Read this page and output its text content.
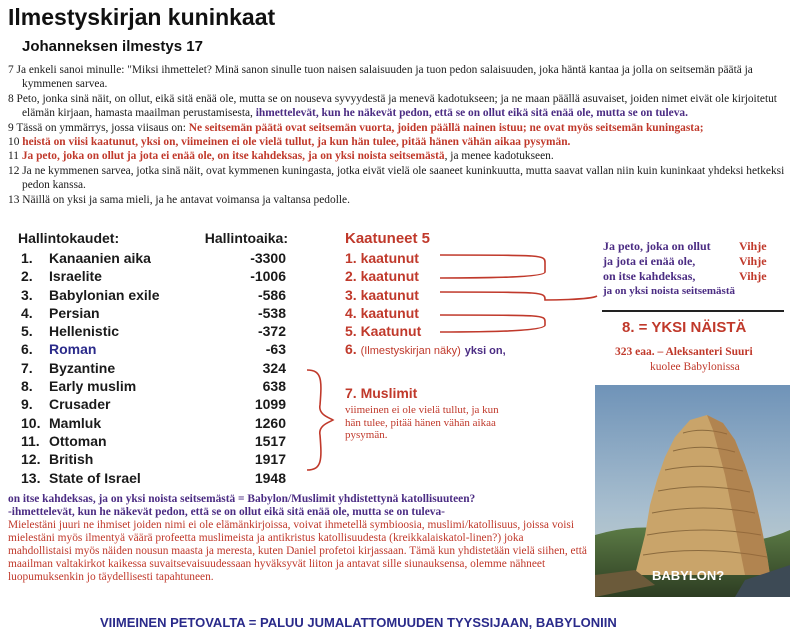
Ilmestyskirjan kuninkaat
Johanneksen ilmestys 17

7 Ja enkeli sanoi minulle: "Miksi ihmettelet? Minä sanon sinulle tuon naisen salaisuuden ja tuon pedon salaisuuden, joka häntä kantaa ja jolla on seitsemän päätä ja kymmenen sarvea.

8 Peto, jonka sinä näit, on ollut, eikä sitä enää ole, mutta se on nouseva syvyydestä ja menevä kadotukseen; ja ne maan päällä asuvaiset, joiden nimet eivät ole kirjoitetut elämän kirjaan, hamasta maailman perustamisesta, ihmettelevät, kun he näkevät pedon, että se on ollut eikä sitä enää ole, mutta se on tuleva.

9 Tässä on ymmärrys, jossa viisaus on: Ne seitsemän päätä ovat seitsemän vuorta, joiden päällä nainen istuu; ne ovat myös seitsemän kuningasta;

10 heistä on viisi kaatunut, yksi on, viimeinen ei ole vielä tullut, ja kun hän tulee, pitää hänen vähän aikaa pysymän.

11 Ja peto, joka on ollut ja jota ei enää ole, on itse kahdeksas, ja on yksi noista seitsemästä, ja menee kadotukseen.

12 Ja ne kymmenen sarvea, jotka sinä näit, ovat kymmenen kuningasta, jotka eivät vielä ole saaneet kuninkuutta, mutta saavat vallan niin kuin kuninkaat yhdeksi hetkeksi pedon kanssa.

13 Näillä on yksi ja sama mieli, ja he antavat voimansa ja valtansa pedolle.

Hallintokaudet:	Hallintoaika:
1. Kanaanien aika	-3300
2. Israelite	-1006
3. Babylonian exile	-586
4. Persian	-538
5. Hellenistic	-372
6. Roman	-63
7. Byzantine	324
8. Early muslim	638
9. Crusader	1099
10. Mamluk	1260
11. Ottoman	1517
12. British	1917
13. State of Israel	1948
Kaatuneet 5
1. kaatunut
2. kaatunut
3. kaatunut
4. kaatunut
5. Kaatunut
6. (Ilmestyskirjan näky) yksi on,
7. Muslimit
viimeinen ei ole vielä tullut, ja kun hän tulee, pitää hänen vähän aikaa pysymän.
Ja peto, joka on ollut	Vihje
ja jota ei enää ole,	Vihje
on itse kahdeksas,	Vihje
ja on yksi noista seitsemästä
8. = YKSI NÄISTÄ
323 eaa. – Aleksanteri Suuri
kuolee Babylonissa
BABYLON?
on itse kahdeksas, ja on yksi noista seitsemästä = Babylon/Muslimit yhdistettynä katollisuuteen?
-ihmettelevät, kun he näkevät pedon, että se on ollut eikä sitä enää ole, mutta se on tuleva-
Mielestäni juuri ne ihmiset joiden nimi ei ole elämänkirjoissa, voivat ihmetellä symbioosia, muslimi/katollisuus, joissa voisi mielestäni myös ilmentyä väärä profeetta muslimeista ja antikristus katollisuudesta (kreikkalaiskatol-linen?) joka mahdollistaisi myös näiden nousun maasta ja meresta, kuten Daniel profetoi kirjassaan. Tämä kun yhdistetään vielä siihen, että maailman valtakirkot kaikessa suvaitsevaisuudessaan hyväksyvät liiton ja antavat sille siunauksensa, olemme nähneet luopumuksenkin jo täydellisesti tapahtuneen.
VIIMEINEN PETOVALTA = PALUU JUMALATTOMUUDEN TYYSSIJAAN, BABYLONIIN
